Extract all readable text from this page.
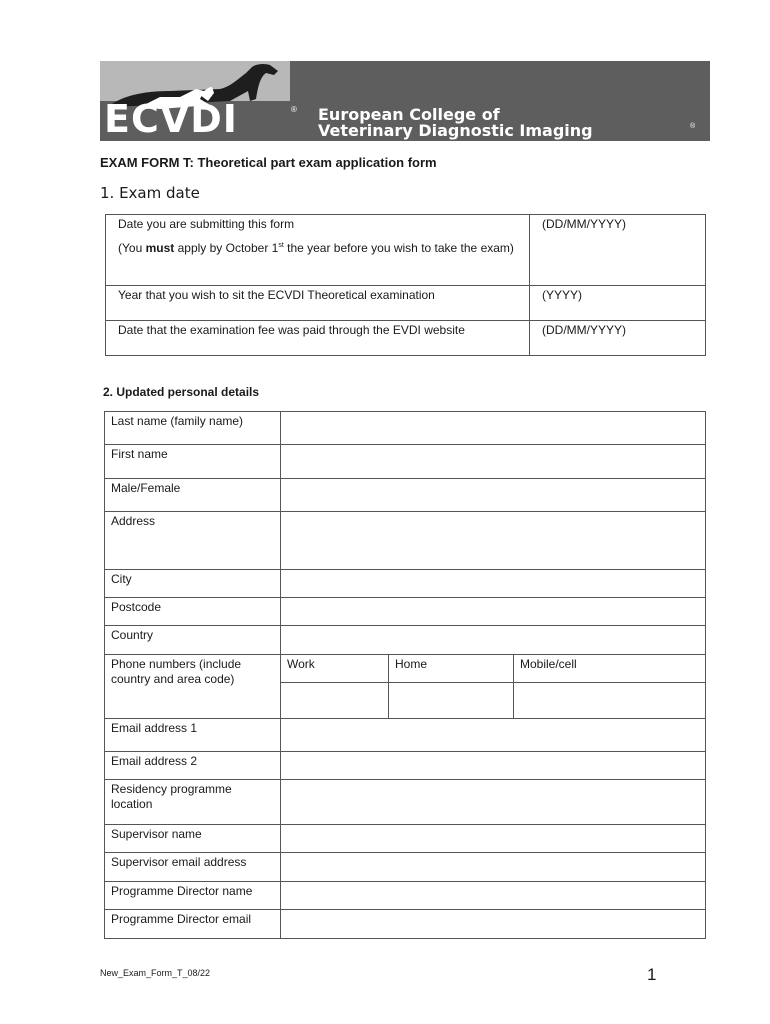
ECVDI	® European College of
Veterinary Diagnostic Imaging	®
EXAM FORM T: Theoretical part exam application form
1. Exam date

Date you are submitting this form

(You must apply by October 1st the year before you wish to take the exam)	(DD/MM/YYYY)
Year that you wish to sit the ECVDI Theoretical examination	(YYYY)
Date that the examination fee was paid through the EVDI website	(DD/MM/YYYY)
2. Updated personal details
Last name (family name)			
First name			
Male/Female			
Address			
City			
Postcode			
Country			
Phone numbers (include country and area code)	Work	Home	Mobile/cell

Email address 1			
Email address 2			
Residency programme location			
Supervisor name			
Supervisor email address			
Programme Director name			
Programme Director email			
New_Exam_Form_T_08/22	1
